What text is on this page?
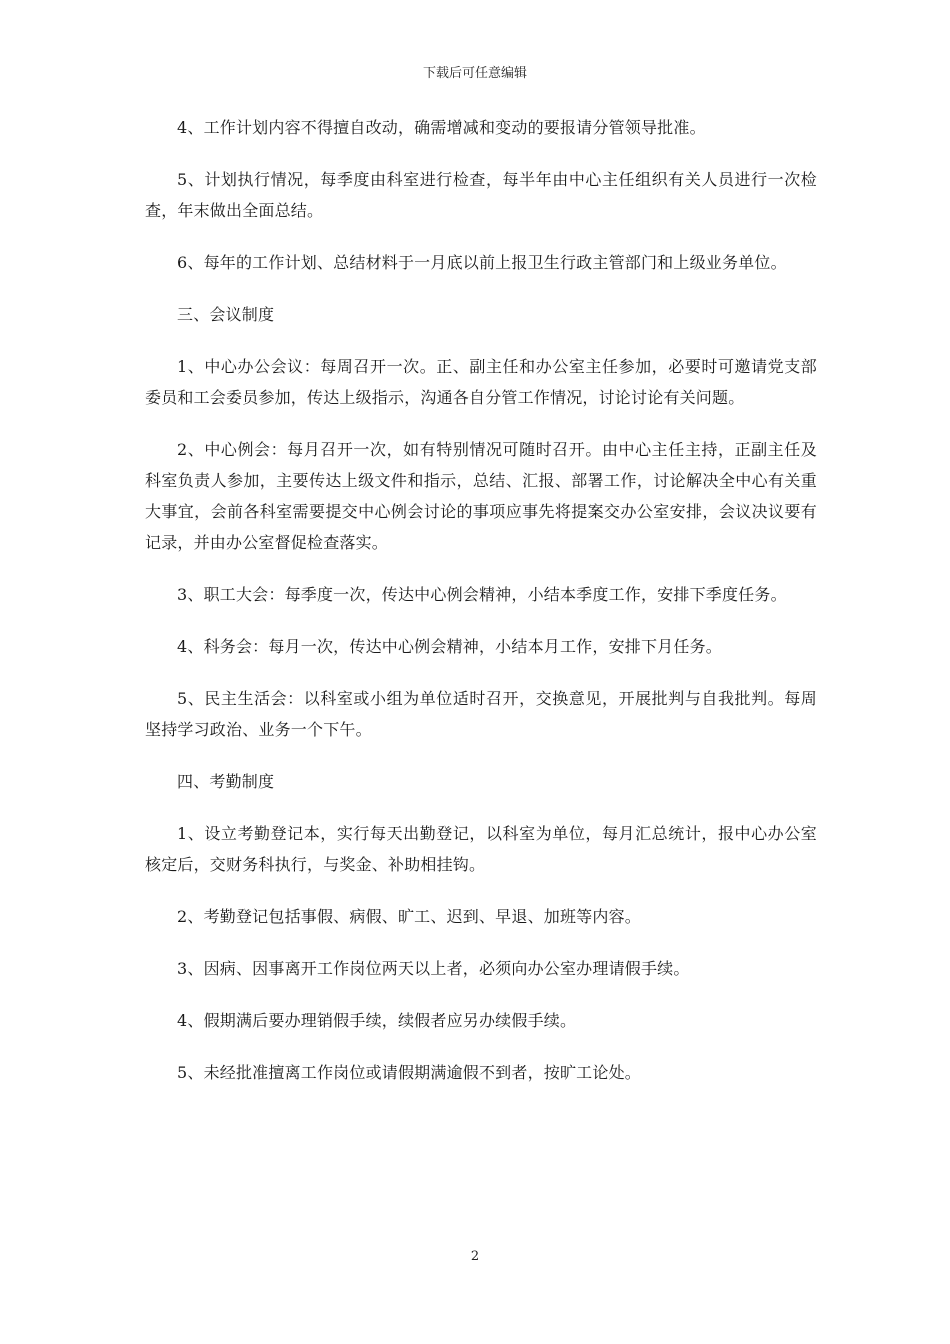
下载后可任意编辑

4、工作计划内容不得擅自改动，确需增减和变动的要报请分管领导批准。

5、计划执行情况，每季度由科室进行检查，每半年由中心主任组织有关人员进行一次检查，年末做出全面总结。

6、每年的工作计划、总结材料于一月底以前上报卫生行政主管部门和上级业务单位。

三、会议制度

1、中心办公会议：每周召开一次。正、副主任和办公室主任参加，必要时可邀请党支部委员和工会委员参加，传达上级指示，沟通各自分管工作情况，讨论讨论有关问题。

2、中心例会：每月召开一次，如有特别情况可随时召开。由中心主任主持，正副主任及科室负责人参加，主要传达上级文件和指示，总结、汇报、部署工作，讨论解决全中心有关重大事宜，会前各科室需要提交中心例会讨论的事项应事先将提案交办公室安排，会议决议要有记录，并由办公室督促检查落实。

3、职工大会：每季度一次，传达中心例会精神，小结本季度工作，安排下季度任务。

4、科务会：每月一次，传达中心例会精神，小结本月工作，安排下月任务。

5、民主生活会：以科室或小组为单位适时召开，交换意见，开展批判与自我批判。每周坚持学习政治、业务一个下午。

四、考勤制度

1、设立考勤登记本，实行每天出勤登记，以科室为单位，每月汇总统计，报中心办公室核定后，交财务科执行，与奖金、补助相挂钩。

2、考勤登记包括事假、病假、旷工、迟到、早退、加班等内容。

3、因病、因事离开工作岗位两天以上者，必须向办公室办理请假手续。

4、假期满后要办理销假手续，续假者应另办续假手续。

5、未经批准擅离工作岗位或请假期满逾假不到者，按旷工论处。

2
